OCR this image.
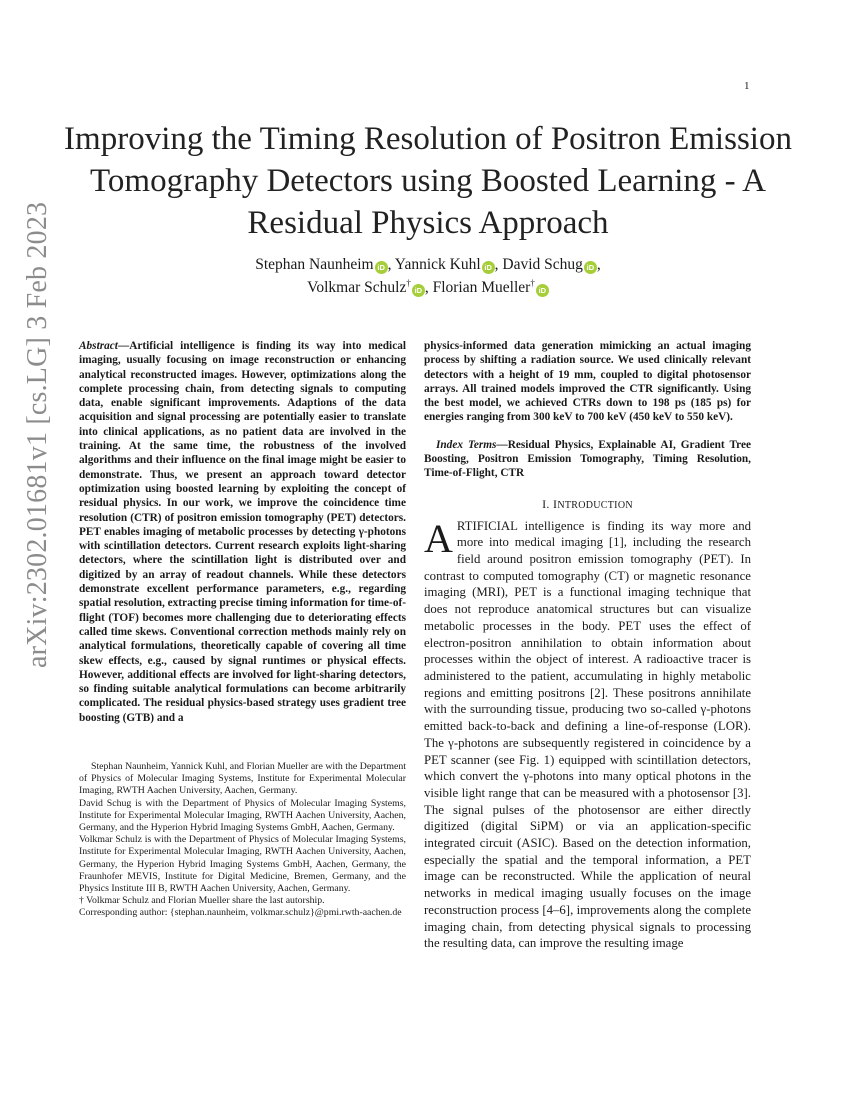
1
arXiv:2302.01681v1 [cs.LG] 3 Feb 2023
Improving the Timing Resolution of Positron Emission Tomography Detectors using Boosted Learning - A Residual Physics Approach
Stephan Naunheim iD , Yannick Kuhl iD , David Schug iD ,
Volkmar Schulz†iD , Florian Mueller†iD

Abstract—Artificial intelligence is finding its way into medical imaging, usually focusing on image reconstruction or enhancing analytical reconstructed images. However, optimizations along the complete processing chain, from detecting signals to computing data, enable significant improvements. Adaptions of the data acquisition and signal processing are potentially easier to translate into clinical applications, as no patient data are involved in the training. At the same time, the robustness of the involved algorithms and their influence on the final image might be easier to demonstrate. Thus, we present an approach toward detector optimization using boosted learning by exploiting the concept of residual physics. In our work, we improve the coincidence time resolution (CTR) of positron emission tomography (PET) detectors. PET enables imaging of metabolic processes by detecting γ-photons with scintillation detectors. Current research exploits light-sharing detectors, where the scintillation light is distributed over and digitized by an array of readout channels. While these detectors demonstrate excellent performance parameters, e.g., regarding spatial resolution, extracting precise timing information for time-of-flight (TOF) becomes more challenging due to deteriorating effects called time skews. Conventional correction methods mainly rely on analytical formulations, theoretically capable of covering all time skew effects, e.g., caused by signal runtimes or physical effects. However, additional effects are involved for light-sharing detectors, so finding suitable analytical formulations can become arbitrarily complicated. The residual physics-based strategy uses gradient tree boosting (GTB) and a

physics-informed data generation mimicking an actual imaging process by shifting a radiation source. We used clinically relevant detectors with a height of 19 mm, coupled to digital photosensor arrays. All trained models improved the CTR significantly. Using the best model, we achieved CTRs down to 198 ps (185 ps) for energies ranging from 300 keV to 700 keV (450 keV to 550 keV).

Index Terms—Residual Physics, Explainable AI, Gradient Tree Boosting, Positron Emission Tomography, Timing Resolution, Time-of-Flight, CTR

I. INTRODUCTION

ARTIFICIAL intelligence is finding its way more and more into medical imaging [1], including the research field around positron emission tomography (PET). In contrast to computed tomography (CT) or magnetic resonance imaging (MRI), PET is a functional imaging technique that does not reproduce anatomical structures but can visualize metabolic processes in the body. PET uses the effect of electron-positron annihilation to obtain information about processes within the object of interest. A radioactive tracer is administered to the patient, accumulating in highly metabolic regions and emitting positrons [2]. These positrons annihilate with the surrounding tissue, producing two so-called γ-photons emitted back-to-back and defining a line-of-response (LOR). The γ-photons are subsequently registered in coincidence by a PET scanner (see Fig. 1) equipped with scintillation detectors, which convert the γ-photons into many optical photons in the visible light range that can be measured with a photosensor [3]. The signal pulses of the photosensor are either directly digitized (digital SiPM) or via an application-specific integrated circuit (ASIC). Based on the detection information, especially the spatial and the temporal information, a PET image can be reconstructed. While the application of neural networks in medical imaging usually focuses on the image reconstruction process [4–6], improvements along the complete imaging chain, from detecting physical signals to processing the resulting data, can improve the resulting image

Stephan Naunheim, Yannick Kuhl, and Florian Mueller are with the Department of Physics of Molecular Imaging Systems, Institute for Experimental Molecular Imaging, RWTH Aachen University, Aachen, Germany.

David Schug is with the Department of Physics of Molecular Imaging Systems, Institute for Experimental Molecular Imaging, RWTH Aachen University, Aachen, Germany, and the Hyperion Hybrid Imaging Systems GmbH, Aachen, Germany.

Volkmar Schulz is with the Department of Physics of Molecular Imaging Systems, Institute for Experimental Molecular Imaging, RWTH Aachen University, Aachen, Germany, the Hyperion Hybrid Imaging Systems GmbH, Aachen, Germany, the Fraunhofer MEVIS, Institute for Digital Medicine, Bremen, Germany, and the Physics Institute III B, RWTH Aachen University, Aachen, Germany.

† Volkmar Schulz and Florian Mueller share the last autorship.

Corresponding author: {stephan.naunheim, volkmar.schulz}@pmi.rwth-aachen.de
